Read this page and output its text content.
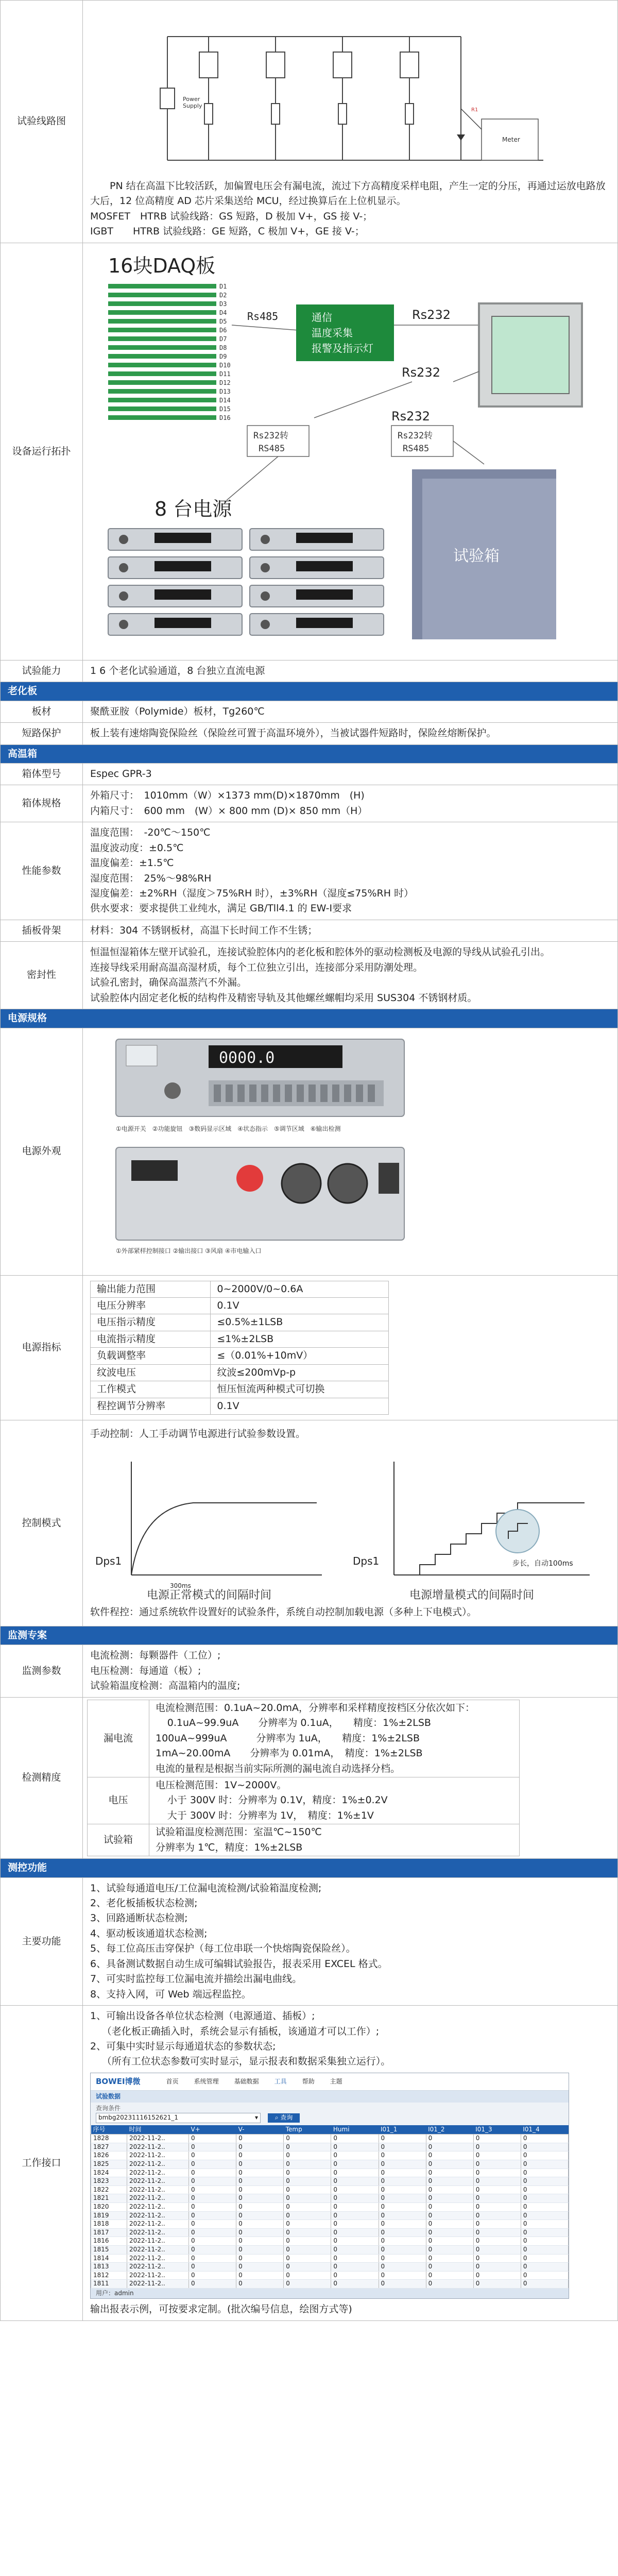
试验线路图	
Power
Supply
Meter
R1
PN 结在高温下比较活跃，加偏置电压会有漏电流，流过下方高精度采样电阻，产生一定的分压，再通过运放电路放大后，12 位高精度 AD 芯片采集送给 MCU，经过换算后在上位机显示。
MOSFET　HTRB 试验线路：GS 短路，D 极加 V+，GS 接 V-；
IGBT　　HTRB 试验线路：GE 短路，C 极加 V+，GE 接 V-；

设备运行拓扑	
16块DAQ板
D1
D2
D3
D4
D5
D6
D7
D8
D9
D10
D11
D12
D13
D14
D15
D16
Rs485	通信
温度采集
报警及指示灯
Rs232
Rs232
Rs232
Rs232转
RS485
Rs232转
RS485
8 台电源
试验箱

试验能力	1 6 个老化试验通道，8 台独立直流电源
老化板
板材	聚酰亚胺（Polymide）板材，Tg260℃
短路保护	板上装有速熔陶瓷保险丝（保险丝可置于高温环境外），当被试器件短路时，保险丝熔断保护。
高温箱
箱体型号	Espec GPR-3
箱体规格	
外箱尺寸：　1010mm（W）×1373 mm(D)×1870mm　(H)
内箱尺寸：　600 mm　(W）× 800 mm (D)× 850 mm（H）

性能参数	
温度范围：　-20℃～150℃
温度波动度：±0.5℃
温度偏差：±1.5℃
湿度范围：　25%～98%RH
湿度偏差：±2%RH（湿度＞75%RH 时），±3%RH（湿度≤75%RH 时）
供水要求：要求提供工业纯水，满足 GB/Tll4.1 的 EW-I要求

插板骨架	材料：304 不锈钢板材，高温下长时间工作不生锈；
密封性	
恒温恒湿箱体左壁开试验孔，连接试验腔体内的老化板和腔体外的驱动检测板及电源的导线从试验孔引出。
连接导线采用耐高温高湿材质，每个工位独立引出，连接部分采用防潮处理。
试验孔密封，确保高温蒸汽不外漏。
试验腔体内固定老化板的结构件及精密导轨及其他螺丝螺帽均采用 SUS304 不锈钢材质。

电源规格
电源外观	
0000.0
①电源开关　②功能旋钮　③数码显示区域　④状态指示　⑤调节区域　⑥输出检测
①外部紧样控制接口 ②输出接口 ③风扇 ④市电输入口

电源指标	
输出能力范围	0~2000V/0~0.6A
电压分辨率	0.1V
电压指示精度	≤0.5%±1LSB
电流指示精度	≤1%±2LSB
负载调整率	≤（0.01%+10mV）
纹波电压	纹波≤200mVp-p
工作模式	恒压恒流两种模式可切换
程控调节分辨率	0.1V

控制模式	
手动控制：人工手动调节电源进行试验参数设置。
Dps1
300ms
电源正常模式的间隔时间
步长，自动100ms
Dps1
电源增量模式的间隔时间
软件程控：通过系统软件设置好的试验条件，系统自动控制加载电源（多种上下电模式）。

监测专案
监测参数	
电流检测：每颗器件（工位）;
电压检测：每通道（板）;
试验箱温度检测：高温箱内的温度;

检测精度	
漏电流	
电流检测范围：0.1uA~20.0mA，分辨率和采样精度按档区分依次如下：
0.1uA~99.9uA　　分辨率为 0.1uA，　　精度：1%±2LSB
100uA~999uA　　　分辨率为 1uA，　　精度：1%±2LSB
1mA~20.00mA　　分辨率为 0.01mA，　精度：1%±2LSB
电流的量程是根据当前实际所测的漏电流自动选择分档。

电压	
电压检测范围：1V~2000V。
小于 300V 时：分辨率为 0.1V，精度：1%±0.2V
大于 300V 时：分辨率为 1V，　精度：1%±1V

试验箱	
试验箱温度检测范围：室温℃~150℃
分辨率为 1℃，精度：1%±2LSB

测控功能
主要功能	
1、试验每通道电压/工位漏电流检测/试验箱温度检测;
2、老化板插板状态检测;
3、回路通断状态检测;
4、驱动板该通道状态检测;
5、每工位高压击穿保护（每工位串联一个快熔陶瓷保险丝）。
6、具备测试数据自动生成可编辑试验报告，报表采用 EXCEL 格式。
7、可实时监控每工位漏电流并描绘出漏电曲线。
8、支持入网，可 Web 端远程监控。

工作接口	
1、可输出设备各单位状态检测（电源通道、插板）;
（老化板正确插入时，系统会显示有插板，该通道才可以工作）;
2、可集中实时显示每通道状态的参数状态;
（所有工位状态参数可实时显示，显示报表和数据采集独立运行）。
BOWEI博微	首页	系统管理	基础数据	工具	帮助	主题
试验数据
查询条件
bmbg20231116152621_1	▾	⌕ 查询
序号	时间	V+	V-	Temp	Humi	I01_1	I01_2	I01_3	I01_4
1828	2022-11-2..	0	0	0	0	0	0	0	0
1827	2022-11-2..	0	0	0	0	0	0	0	0
1826	2022-11-2..	0	0	0	0	0	0	0	0
1825	2022-11-2..	0	0	0	0	0	0	0	0
1824	2022-11-2..	0	0	0	0	0	0	0	0
1823	2022-11-2..	0	0	0	0	0	0	0	0
1822	2022-11-2..	0	0	0	0	0	0	0	0
1821	2022-11-2..	0	0	0	0	0	0	0	0
1820	2022-11-2..	0	0	0	0	0	0	0	0
1819	2022-11-2..	0	0	0	0	0	0	0	0
1818	2022-11-2..	0	0	0	0	0	0	0	0
1817	2022-11-2..	0	0	0	0	0	0	0	0
1816	2022-11-2..	0	0	0	0	0	0	0	0
1815	2022-11-2..	0	0	0	0	0	0	0	0
1814	2022-11-2..	0	0	0	0	0	0	0	0
1813	2022-11-2..	0	0	0	0	0	0	0	0
1812	2022-11-2..	0	0	0	0	0	0	0	0
1811	2022-11-2..	0	0	0	0	0	0	0	0
用户：admin
输出报表示例，可按要求定制。(批次编号信息，绘图方式等)
